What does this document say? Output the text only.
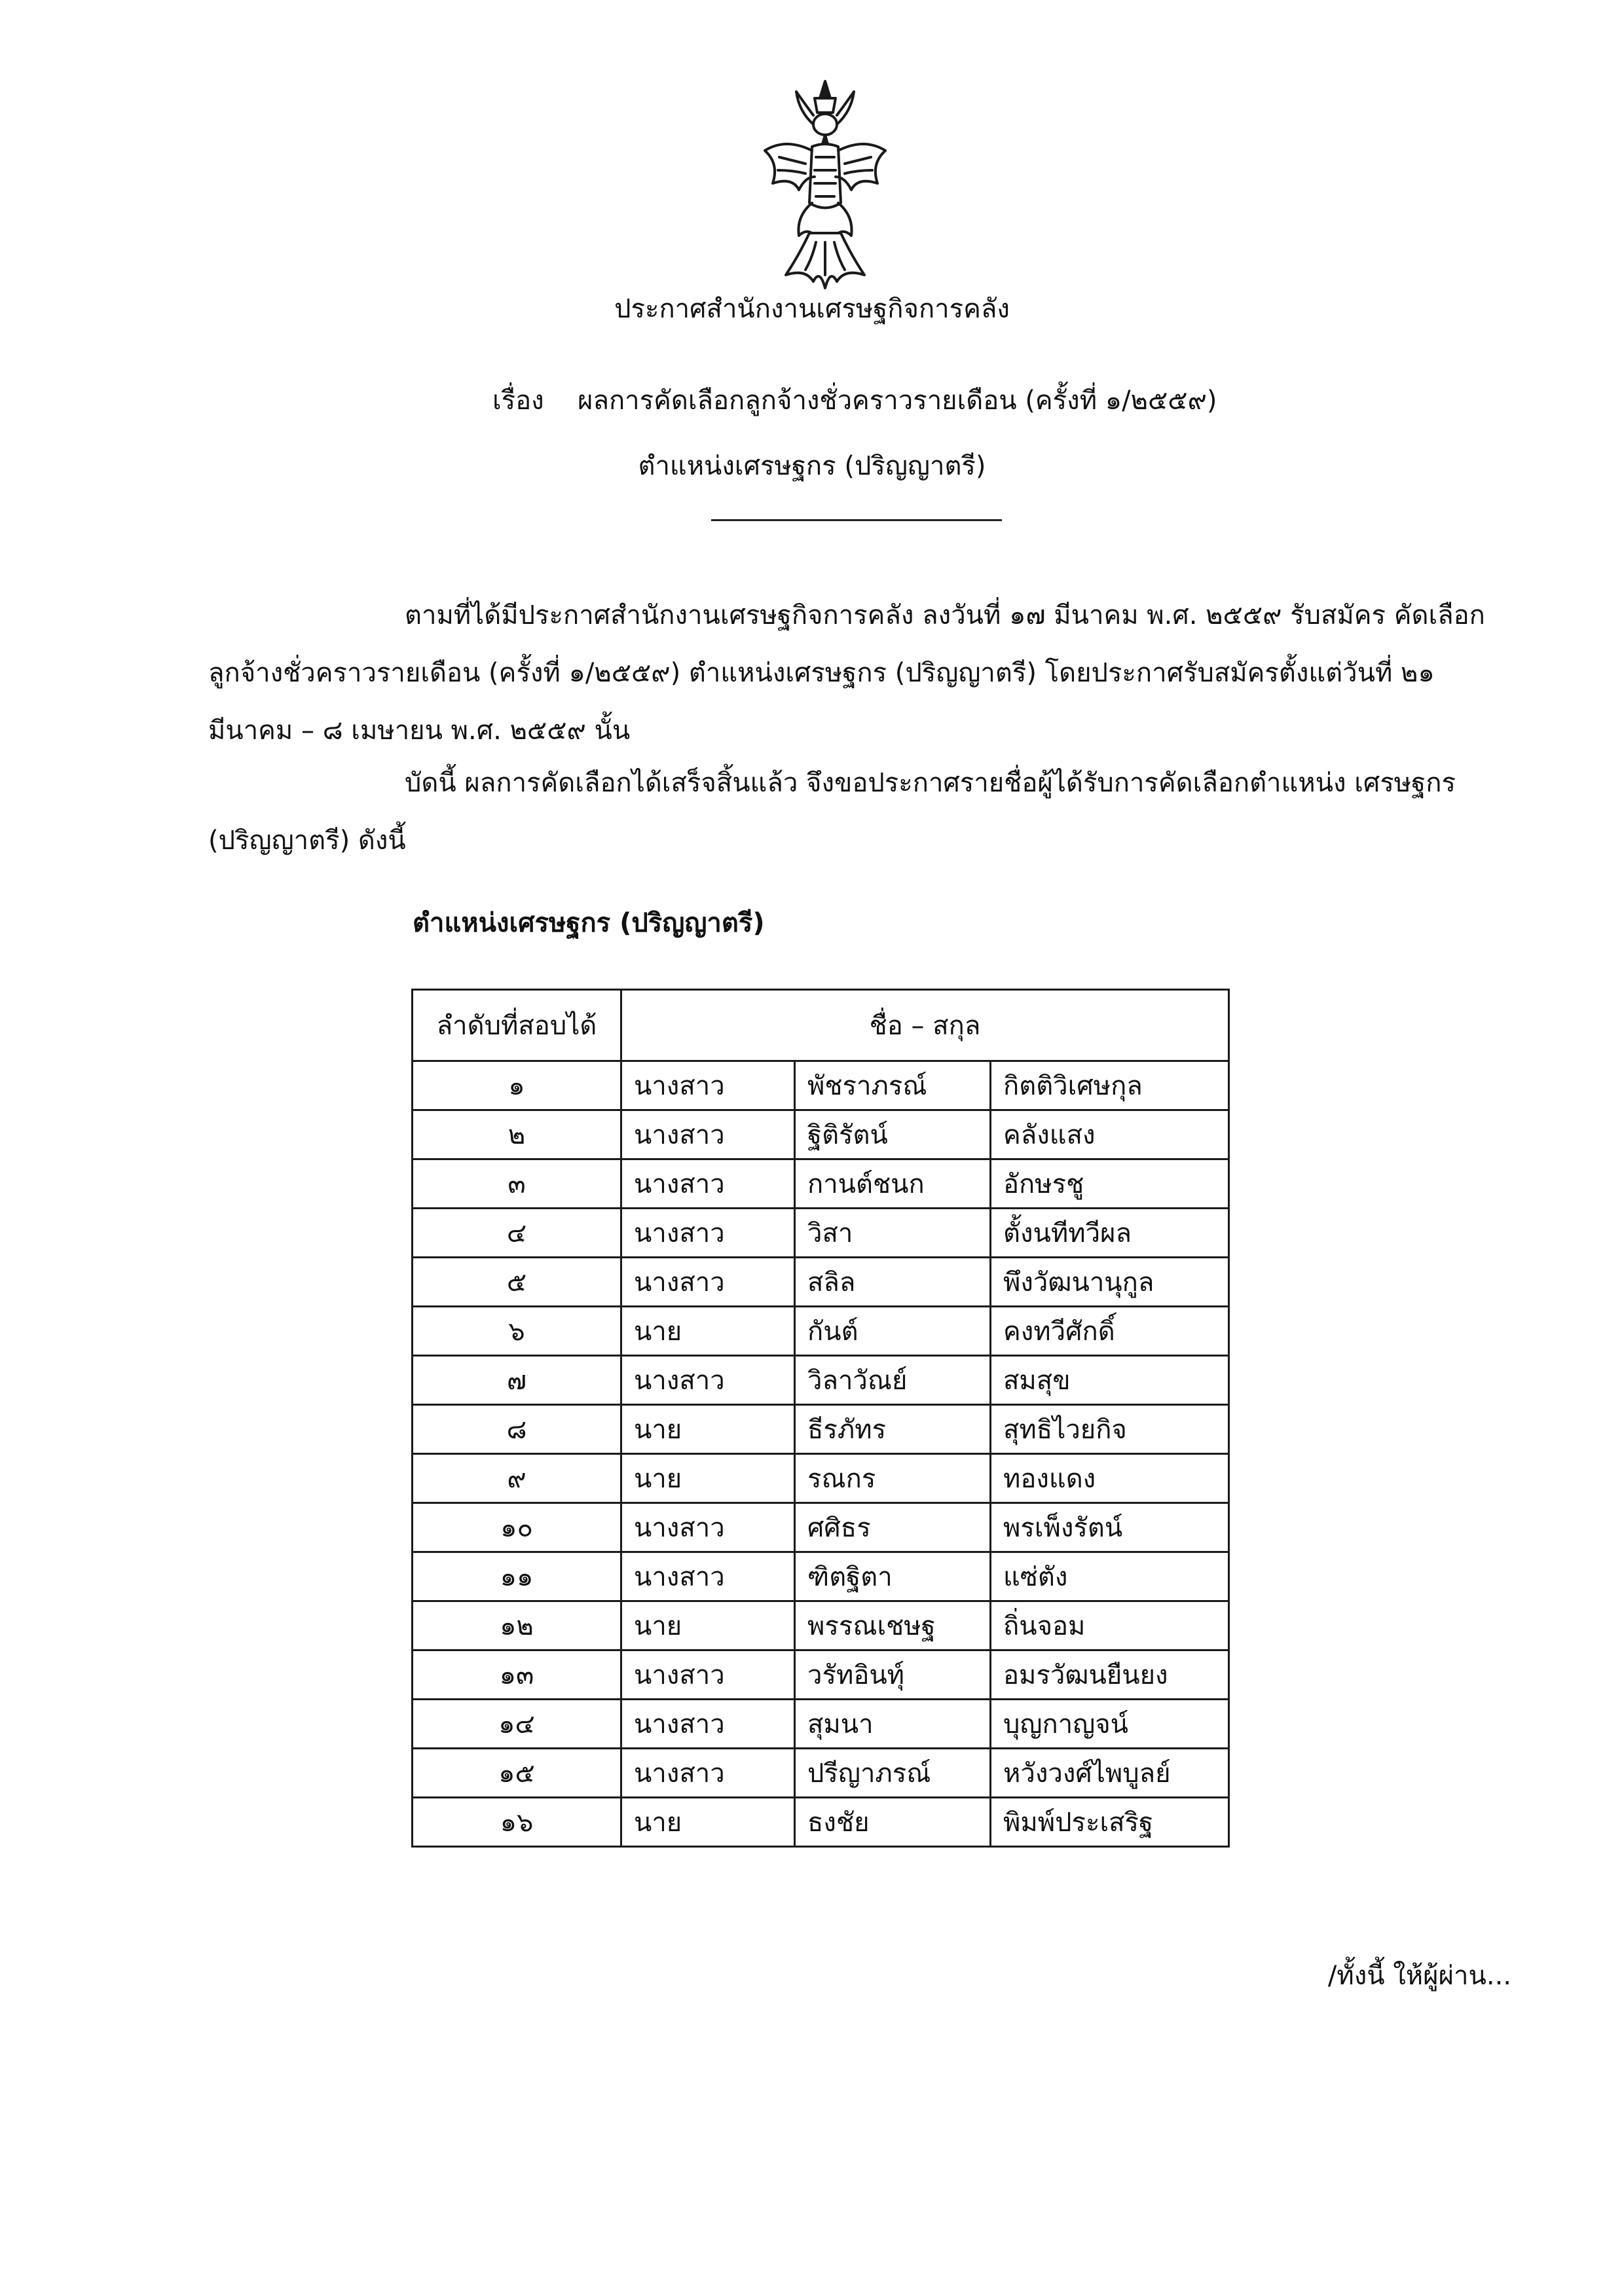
ประกาศสำนักงานเศรษฐกิจการคลัง
เรื่อง ผลการคัดเลือกลูกจ้างชั่วคราวรายเดือน (ครั้งที่ ๑/๒๕๕๙)
ตำแหน่งเศรษฐกร (ปริญญาตรี)
ตามที่ได้มีประกาศสำนักงานเศรษฐกิจการคลัง ลงวันที่ ๑๗ มีนาคม พ.ศ. ๒๕๕๙ รับสมัคร คัดเลือกลูกจ้างชั่วคราวรายเดือน (ครั้งที่ ๑/๒๕๕๙) ตำแหน่งเศรษฐกร (ปริญญาตรี) โดยประกาศรับสมัครตั้งแต่วันที่ ๒๑ มีนาคม – ๘ เมษายน พ.ศ. ๒๕๕๙ นั้น
บัดนี้ ผลการคัดเลือกได้เสร็จสิ้นแล้ว จึงขอประกาศรายชื่อผู้ได้รับการคัดเลือกตำแหน่ง เศรษฐกร (ปริญญาตรี) ดังนี้
ตำแหน่งเศรษฐกร (ปริญญาตรี)
ลำดับที่สอบได้	ชื่อ – สกุล		
๑	นางสาว	พัชราภรณ์	กิตติวิเศษกุล
๒	นางสาว	ฐิติรัตน์	คลังแสง
๓	นางสาว	กานต์ชนก	อักษรชู
๔	นางสาว	วิสา	ตั้งนทีทวีผล
๕	นางสาว	สลิล	พึงวัฒนานุกูล
๖	นาย	กันต์	คงทวีศักดิ์
๗	นางสาว	วิลาวัณย์	สมสุข
๘	นาย	ธีรภัทร	สุทธิไวยกิจ
๙	นาย	รณกร	ทองแดง
๑๐	นางสาว	ศศิธร	พรเพ็งรัตน์
๑๑	นางสาว	ฑิตฐิตา	แซ่ตัง
๑๒	นาย	พรรณเชษฐ	ถิ่นจอม
๑๓	นางสาว	วรัทอินทุ์	อมรวัฒนยืนยง
๑๔	นางสาว	สุมนา	บุญกาญจน์
๑๕	นางสาว	ปรีญาภรณ์	หวังวงศ์ไพบูลย์
๑๖	นาย	ธงชัย	พิมพ์ประเสริฐ
/ทั้งนี้ ให้ผู้ผ่าน...
